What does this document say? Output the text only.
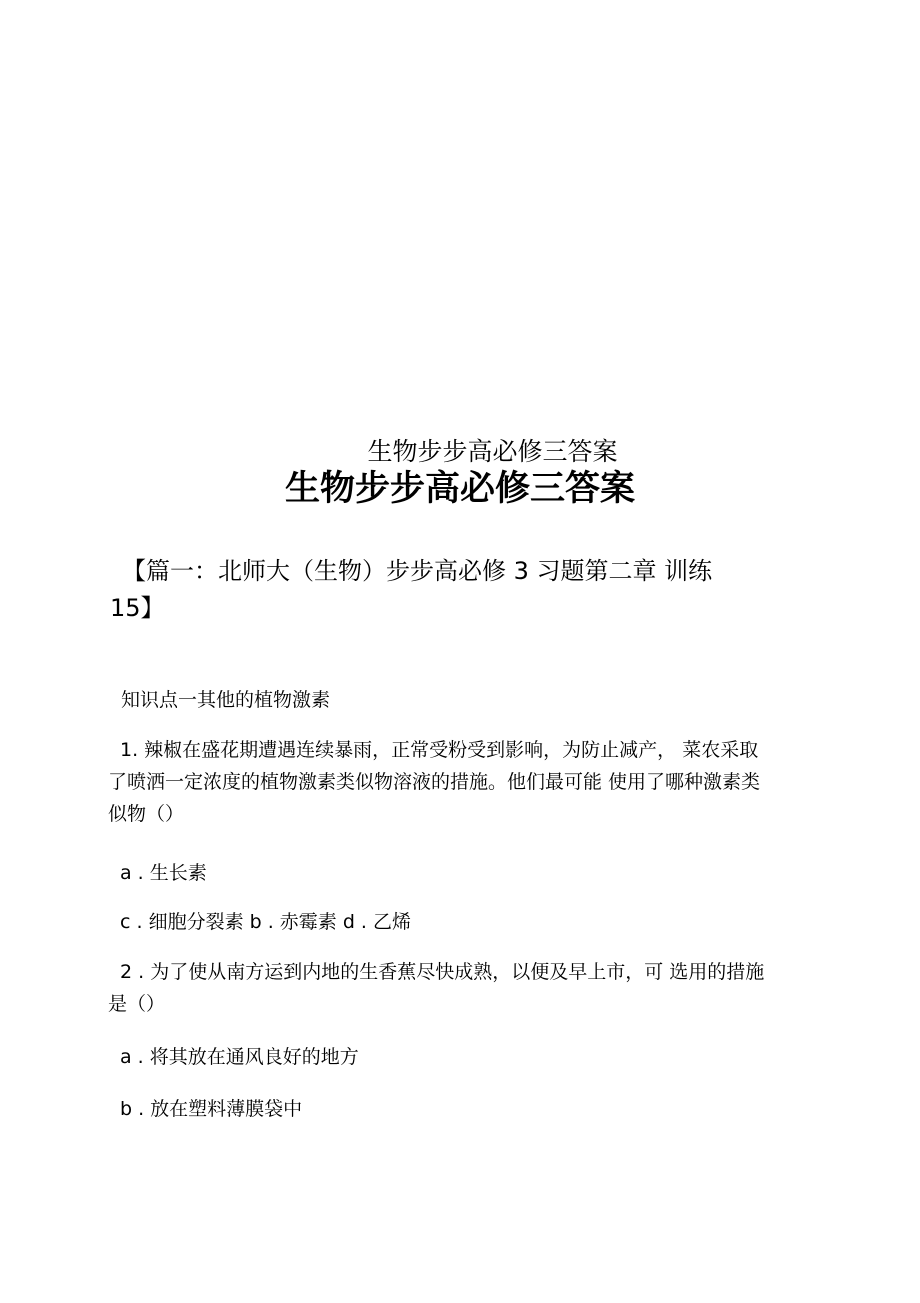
生物步步高必修三答案
生物步步高必修三答案
【篇一：北师大（生物）步步高必修 3 习题第二章 训练
15】
知识点一其他的植物激素
1. 辣椒在盛花期遭遇连续暴雨，正常受粉受到影响，为防止减产， 菜农采取
了喷洒一定浓度的植物激素类似物溶液的措施。他们最可能 使用了哪种激素类
似物（）
a . 生长素
c . 细胞分裂素 b . 赤霉素 d . 乙烯
2 . 为了使从南方运到内地的生香蕉尽快成熟，以便及早上市，可 选用的措施
是（）
a . 将其放在通风良好的地方
b . 放在塑料薄膜袋中
